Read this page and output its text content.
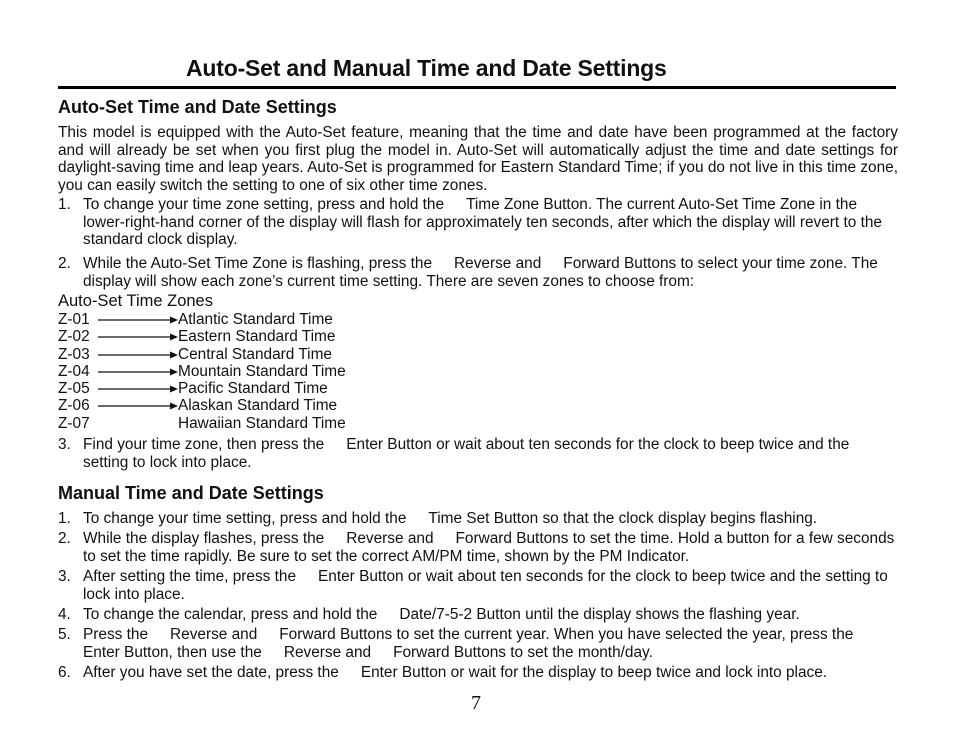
Auto-Set and Manual Time and Date Settings
Auto-Set Time and Date Settings
This model is equipped with the Auto-Set feature, meaning that the time and date have been programmed at the factory and will already be set when you first plug the model in. Auto-Set will automatically adjust the time and date settings for daylight-saving time and leap years. Auto-Set is programmed for Eastern Standard Time; if you do not live in this time zone, you can easily switch the setting to one of six other time zones.
1. To change your time zone setting, press and hold the Time Zone Button. The current Auto-Set Time Zone in the lower-right-hand corner of the display will flash for approximately ten seconds, after which the display will revert to the standard clock display.
2. While the Auto-Set Time Zone is flashing, press the Reverse and Forward Buttons to select your time zone. The display will show each zone’s current time setting. There are seven zones to choose from:
Auto-Set Time Zones
Z-01	Atlantic Standard Time
Z-02	Eastern Standard Time
Z-03	Central Standard Time
Z-04	Mountain Standard Time
Z-05	Pacific Standard Time
Z-06	Alaskan Standard Time
Z-07	Hawaiian Standard Time
3. Find your time zone, then press the Enter Button or wait about ten seconds for the clock to beep twice and the setting to lock into place.
Manual Time and Date Settings
1. To change your time setting, press and hold the Time Set Button so that the clock display begins flashing.
2. While the display flashes, press the Reverse and Forward Buttons to set the time. Hold a button for a few seconds to set the time rapidly. Be sure to set the correct AM/PM time, shown by the PM Indicator.
3. After setting the time, press the Enter Button or wait about ten seconds for the clock to beep twice and the setting to lock into place.
4. To change the calendar, press and hold the Date/7-5-2 Button until the display shows the flashing year.
5. Press the Reverse and Forward Buttons to set the current year. When you have selected the year, press theEnter Button, then use the Reverse and Forward Buttons to set the month/day.
6. After you have set the date, press the Enter Button or wait for the display to beep twice and lock into place.
7
